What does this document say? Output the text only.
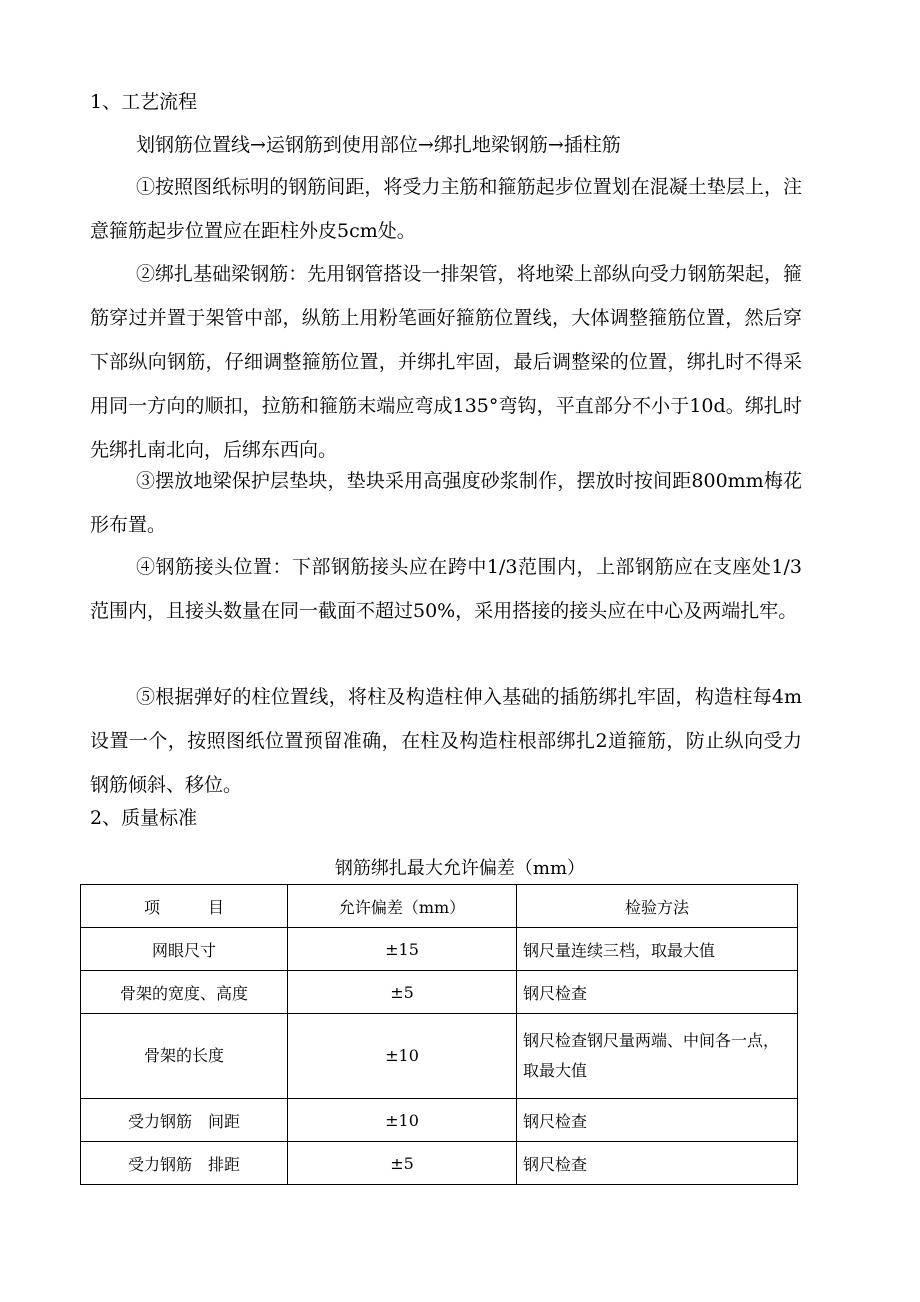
1、工艺流程
划钢筋位置线→运钢筋到使用部位→绑扎地梁钢筋→插柱筋
①按照图纸标明的钢筋间距，将受力主筋和箍筋起步位置划在混凝土垫层上，注意箍筋起步位置应在距柱外皮5cm处。
②绑扎基础梁钢筋：先用钢管搭设一排架管，将地梁上部纵向受力钢筋架起，箍筋穿过并置于架管中部，纵筋上用粉笔画好箍筋位置线，大体调整箍筋位置，然后穿下部纵向钢筋，仔细调整箍筋位置，并绑扎牢固，最后调整梁的位置，绑扎时不得采用同一方向的顺扣，拉筋和箍筋末端应弯成135°弯钩，平直部分不小于10d。绑扎时先绑扎南北向，后绑东西向。
③摆放地梁保护层垫块，垫块采用高强度砂浆制作，摆放时按间距800mm梅花形布置。
④钢筋接头位置：下部钢筋接头应在跨中1/3范围内，上部钢筋应在支座处1/3范围内，且接头数量在同一截面不超过50%，采用搭接的接头应在中心及两端扎牢。
⑤根据弹好的柱位置线，将柱及构造柱伸入基础的插筋绑扎牢固，构造柱每4m设置一个，按照图纸位置预留准确，在柱及构造柱根部绑扎2道箍筋，防止纵向受力钢筋倾斜、移位。
2、质量标准
钢筋绑扎最大允许偏差（mm）
项　　　目	允许偏差（mm）	检验方法
网眼尺寸	±15	钢尺量连续三档，取最大值
骨架的宽度、高度	±5	钢尺检查
骨架的长度	±10	钢尺检查钢尺量两端、中间各一点，取最大值
受力钢筋　间距	±10	钢尺检查
受力钢筋　排距	±5	钢尺检查
